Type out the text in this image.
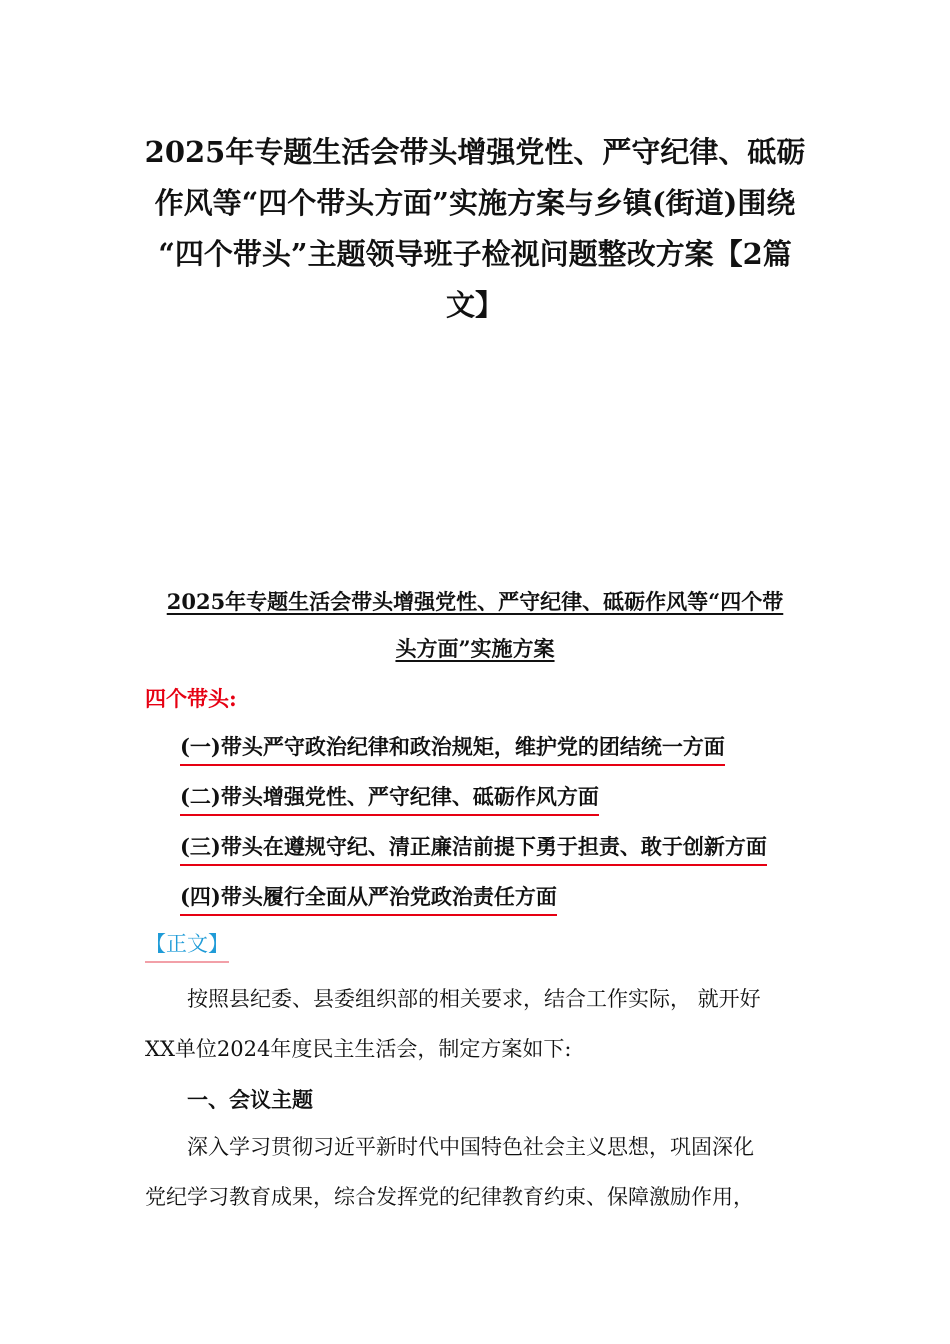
2025年专题生活会带头增强党性、严守纪律、砥砺
作风等“四个带头方面”实施方案与乡镇(街道)围绕
“四个带头”主题领导班子检视问题整改方案【2篇
文】
2025年专题生活会带头增强党性、严守纪律、砥砺作风等“四个带
头方面”实施方案
四个带头:
(一)带头严守政治纪律和政治规矩，维护党的团结统一方面
(二)带头增强党性、严守纪律、砥砺作风方面
(三)带头在遵规守纪、清正廉洁前提下勇于担责、敢于创新方面
(四)带头履行全面从严治党政治责任方面
【正文】
按照县纪委、县委组织部的相关要求，结合工作实际， 就开好
XX单位2024年度民主生活会，制定方案如下:
一、会议主题
深入学习贯彻习近平新时代中国特色社会主义思想，巩固深化
党纪学习教育成果，综合发挥党的纪律教育约束、保障激励作用，
